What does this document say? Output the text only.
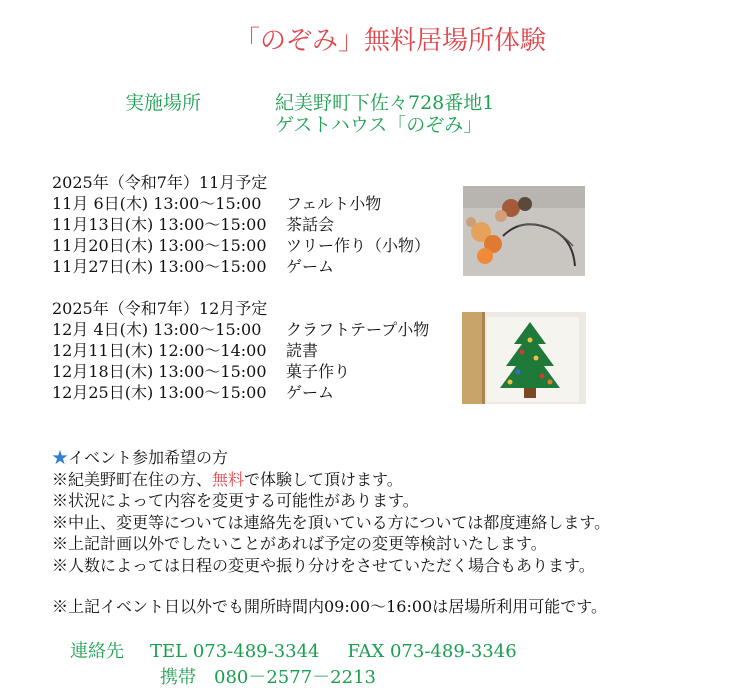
「のぞみ」無料居場所体験
実施場所	紀美野町下佐々728番地1
ゲストハウス「のぞみ」
2025年（令和7年）11月予定
11月 6日(木) 13:00～15:00	フェルト小物
11月13日(木) 13:00～15:00	茶話会
11月20日(木) 13:00～15:00	ツリー作り（小物）
11月27日(木) 13:00～15:00	ゲーム
2025年（令和7年）12月予定
12月 4日(木) 13:00～15:00	クラフトテープ小物
12月11日(木) 12:00～14:00	読書
12月18日(木) 13:00～15:00	菓子作り
12月25日(木) 13:00～15:00	ゲーム
★イベント参加希望の方
※紀美野町在住の方、無料で体験して頂けます。
※状況によって内容を変更する可能性があります。
※中止、変更等については連絡先を頂いている方については都度連絡します。
※上記計画以外でしたいことがあれば予定の変更等検討いたします。
※人数によっては日程の変更や振り分けをさせていただく場合もあります。
※上記イベント日以外でも開所時間内09:00～16:00は居場所利用可能です。
連絡先 TEL 073-489-3344 FAX 073-489-3346
携帯　080－2577－2213
